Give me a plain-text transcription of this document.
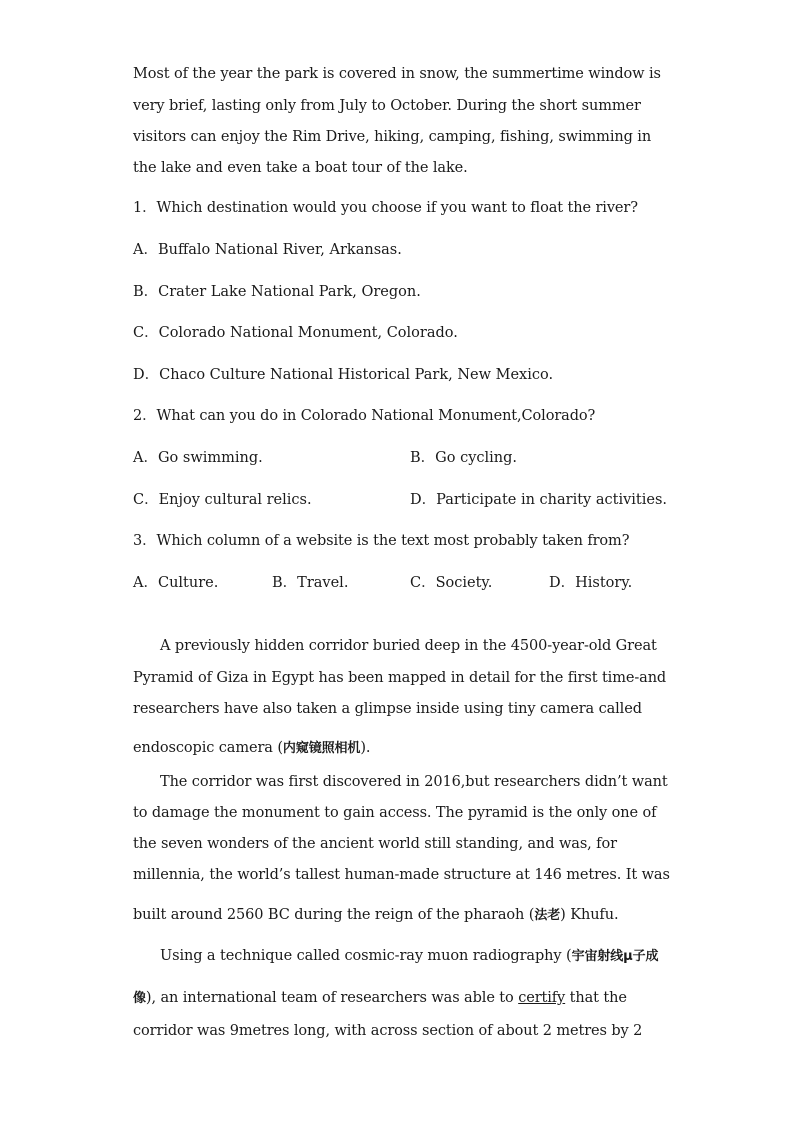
Most of the year the park is covered in snow, the summertime window is
very brief, lasting only from July to October. During the short summer
visitors can enjoy the Rim Drive, hiking, camping, fishing, swimming in
the lake and even take a boat tour of the lake.
1．Which destination would you choose if you want to float the river?
A．Buffalo National River, Arkansas.
B．Crater Lake National Park, Oregon.
C．Colorado National Monument, Colorado.
D．Chaco Culture National Historical Park, New Mexico.
2．What can you do in Colorado National Monument,Colorado?
A．Go swimming.	B．Go cycling.
C．Enjoy cultural relics.	D．Participate in charity activities.
3．Which column of a website is the text most probably taken from?
A．Culture.	B．Travel.	C．Society.	D．History.
A previously hidden corridor buried deep in the 4500-year-old Great
Pyramid of Giza in Egypt has been mapped in detail for the first time-and
researchers have also taken a glimpse inside using tiny camera called
endoscopic camera (内窥镜照相机).
The corridor was first discovered in 2016,but researchers didn’t want
to damage the monument to gain access. The pyramid is the only one of
the seven wonders of the ancient world still standing, and was, for
millennia, the world’s tallest human-made structure at 146 metres. It was
built around 2560 BC during the reign of the pharaoh (法老) Khufu.
Using a technique called cosmic-ray muon radiography (宇宙射线μ子成
像), an international team of researchers was able to certify that the
corridor was 9metres long, with across section of about 2 metres by 2
